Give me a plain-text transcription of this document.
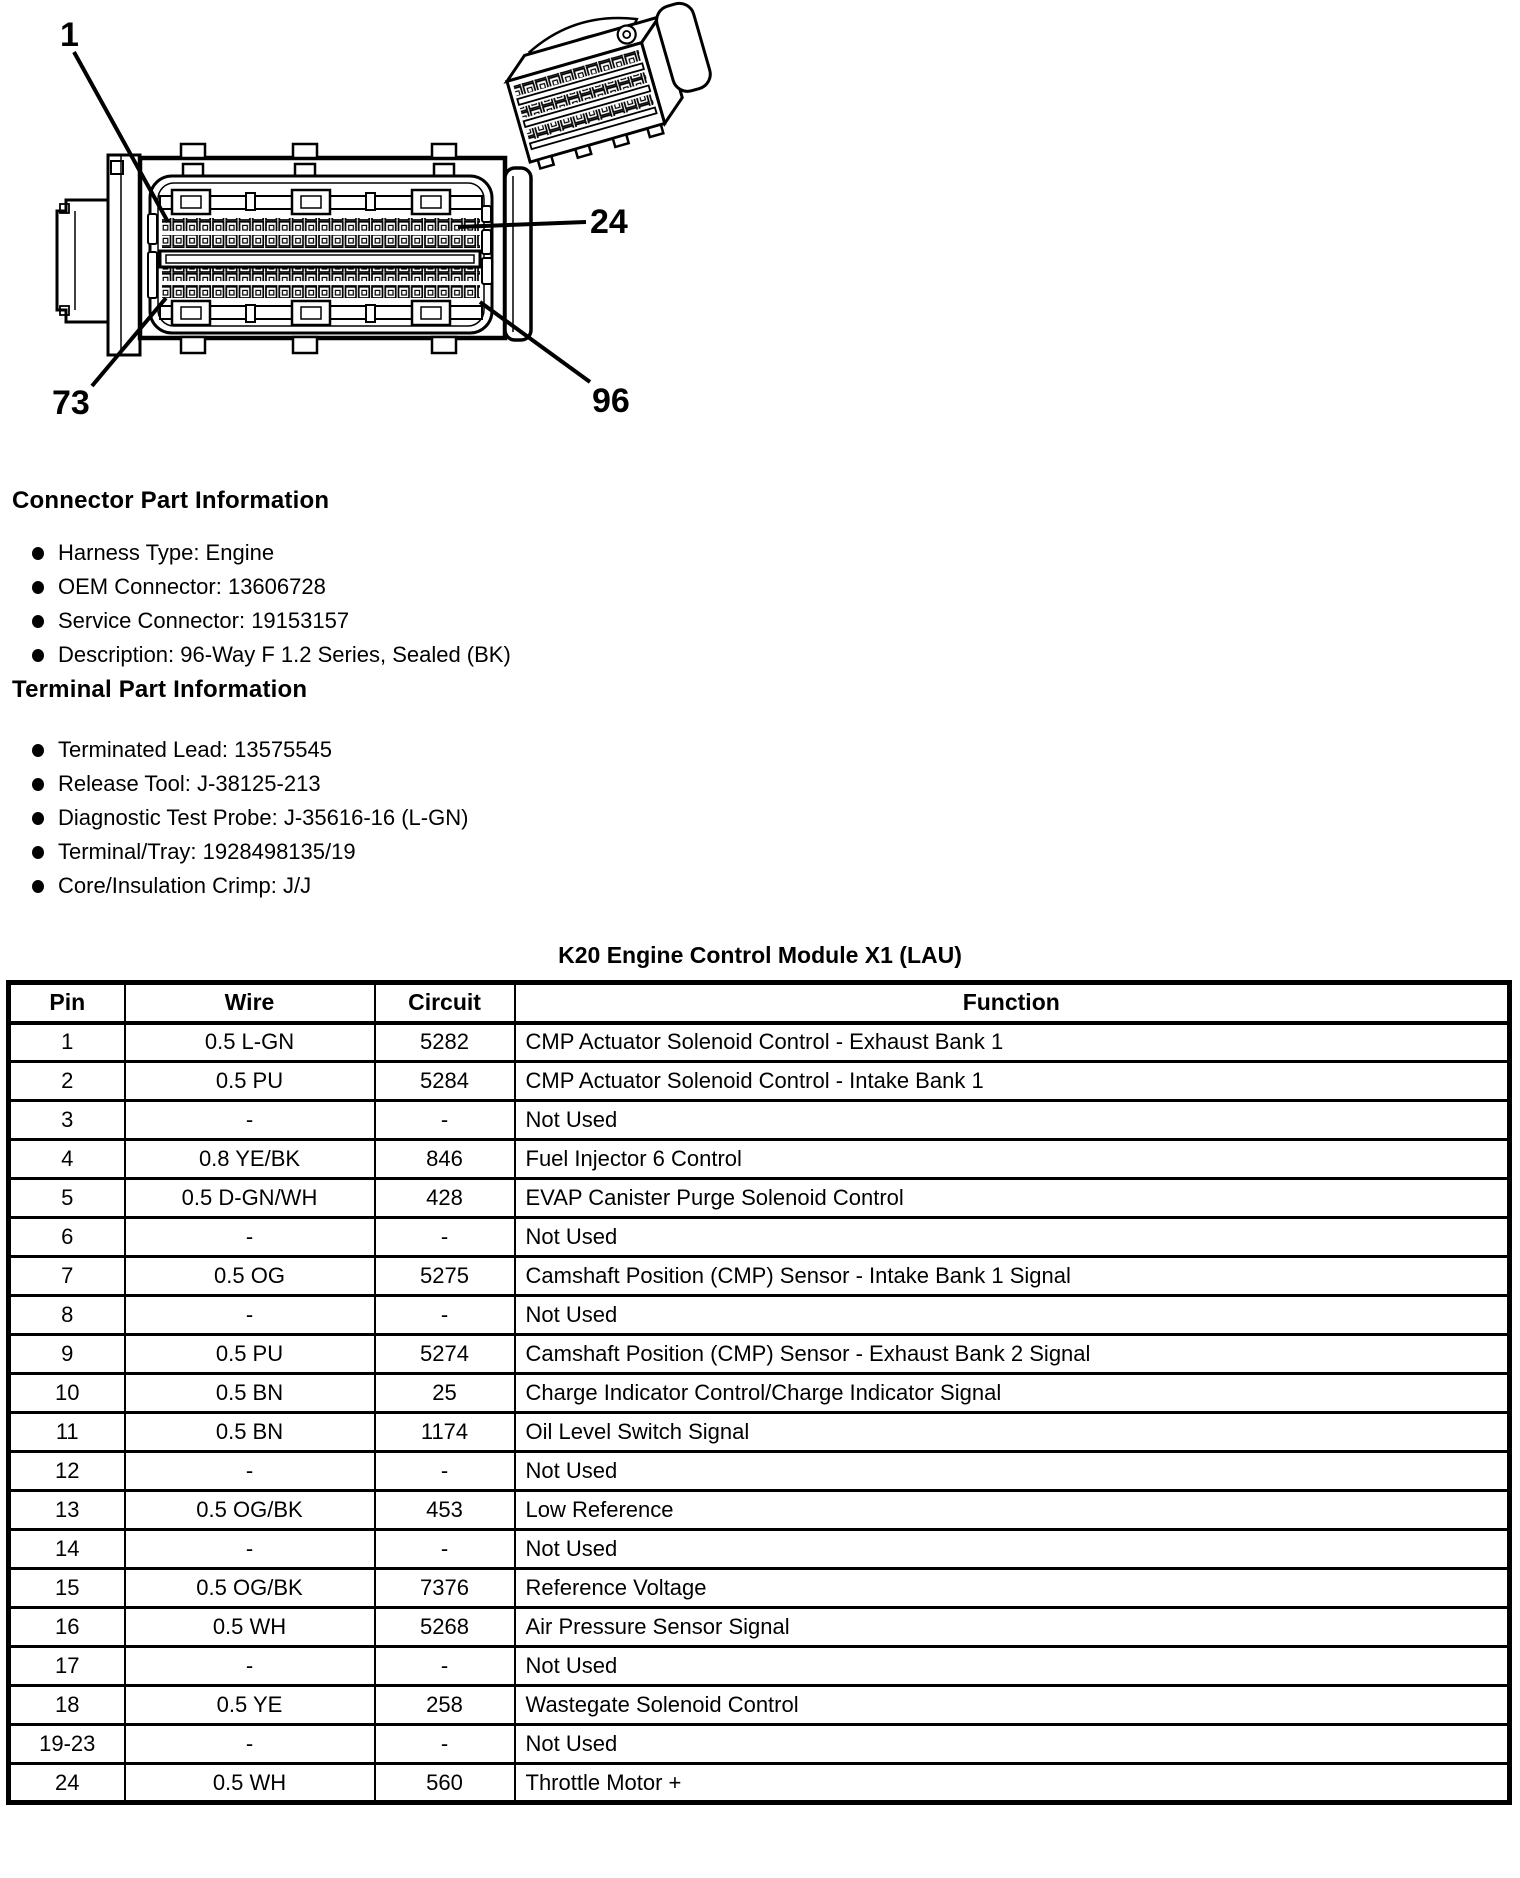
1
24
73	96
Connector Part Information
Harness Type: Engine
OEM Connector: 13606728
Service Connector: 19153157
Description: 96-Way F 1.2 Series, Sealed (BK)
Terminal Part Information
Terminated Lead: 13575545
Release Tool: J-38125-213
Diagnostic Test Probe: J-35616-16 (L-GN)
Terminal/Tray: 1928498135/19
Core/Insulation Crimp: J/J
K20 Engine Control Module X1 (LAU)
Pin	Wire	Circuit	Function
1	0.5 L-GN	5282	CMP Actuator Solenoid Control - Exhaust Bank 1
2	0.5 PU	5284	CMP Actuator Solenoid Control - Intake Bank 1
3	-	-	Not Used
4	0.8 YE/BK	846	Fuel Injector 6 Control
5	0.5 D-GN/WH	428	EVAP Canister Purge Solenoid Control
6	-	-	Not Used
7	0.5 OG	5275	Camshaft Position (CMP) Sensor - Intake Bank 1 Signal
8	-	-	Not Used
9	0.5 PU	5274	Camshaft Position (CMP) Sensor - Exhaust Bank 2 Signal
10	0.5 BN	25	Charge Indicator Control/Charge Indicator Signal
11	0.5 BN	1174	Oil Level Switch Signal
12	-	-	Not Used
13	0.5 OG/BK	453	Low Reference
14	-	-	Not Used
15	0.5 OG/BK	7376	Reference Voltage
16	0.5 WH	5268	Air Pressure Sensor Signal
17	-	-	Not Used
18	0.5 YE	258	Wastegate Solenoid Control
19-23	-	-	Not Used
24	0.5 WH	560	Throttle Motor +
